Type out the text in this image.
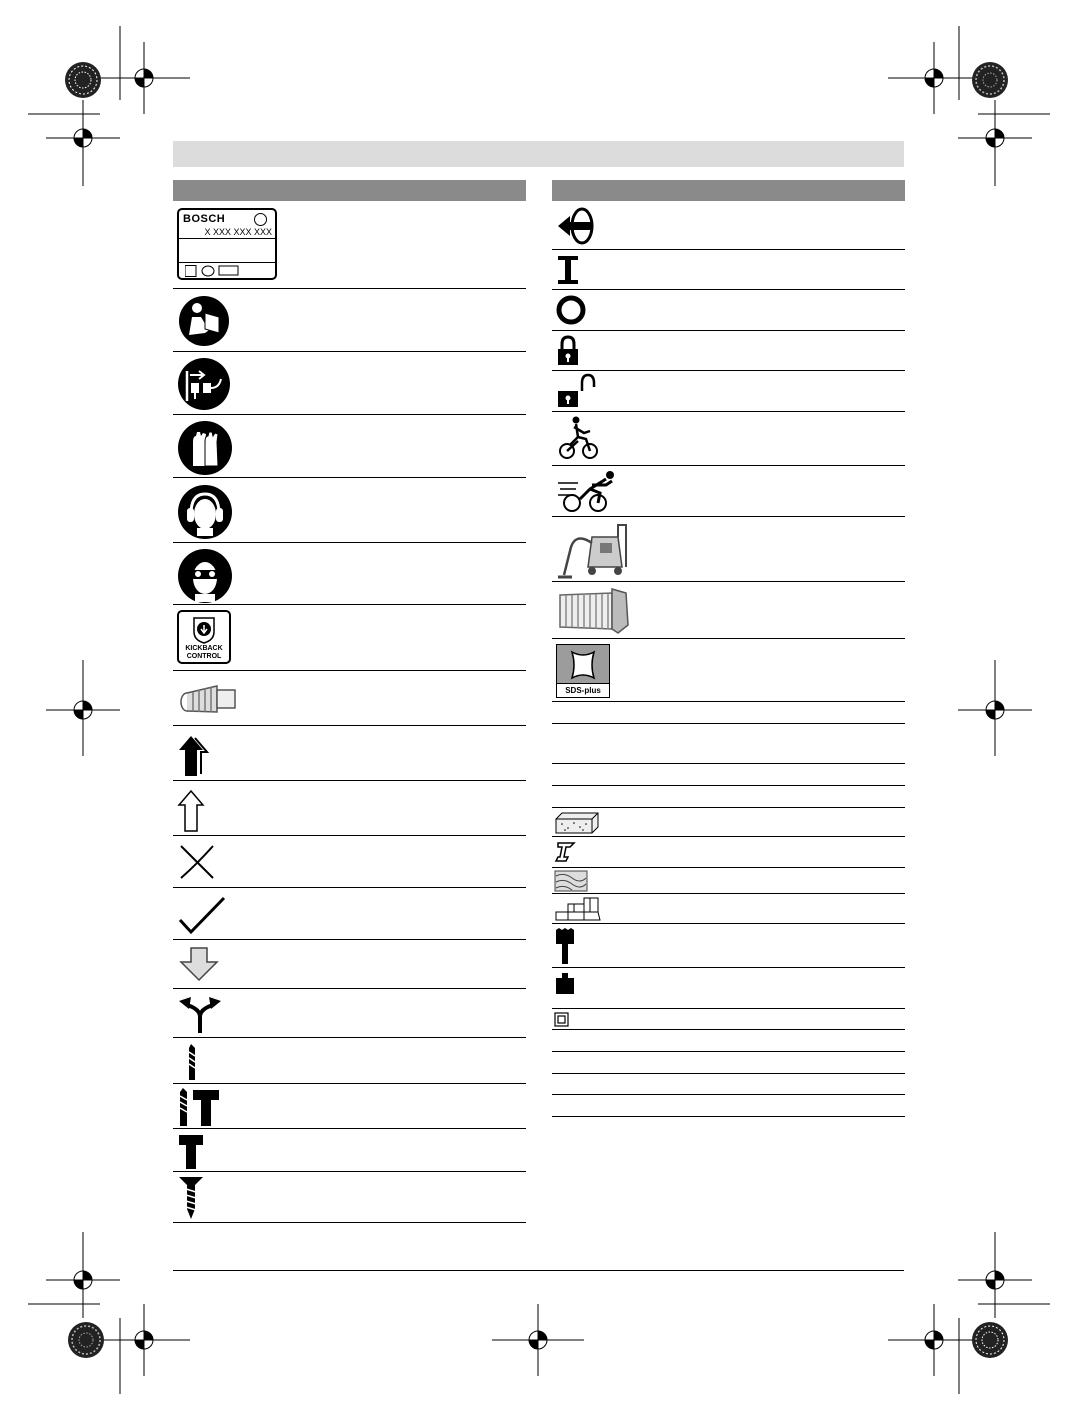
BOSCH
X XXX XXX XXX
KICKBACK
CONTROL
SDS-plus
